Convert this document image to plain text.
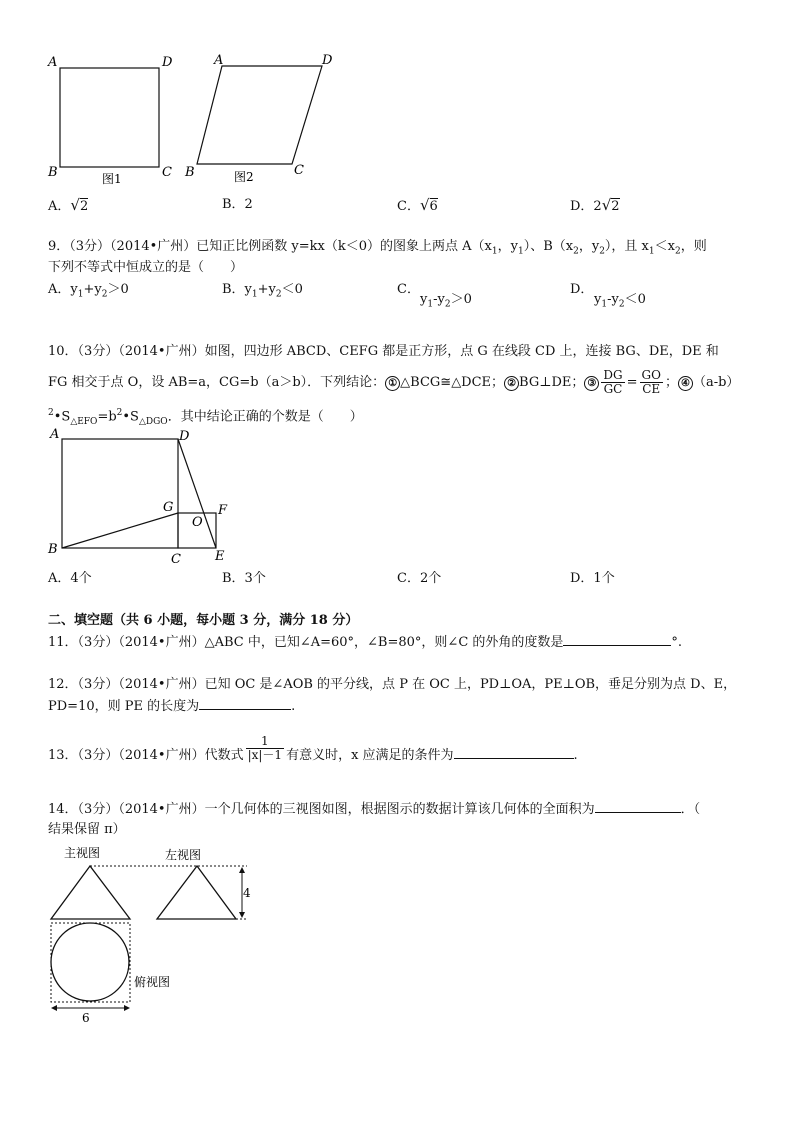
A	D
B	C
图1
A	D
B	C
图2
A．√2	B．2	C．√6	D．2√2
9．（3分）（2014•广州）已知正比例函数 y=kx（k＜0）的图象上两点 $A(x_1$，$y_1$）、$B(x_2$，$y_2$），且 $x_1<x_2$，则
下列不等式中恒成立的是（　　）
A．$y_1+y_2>0$	B．$y_1+y_2<0$	C．
$y_1-y_2>0$
D．
$y_1-y_2<0$
10．（3分）（2014•广州）如图，四边形 ABCD、CEFG 都是正方形，点 G 在线段 CD 上，连接 BG、DE，DE 和
FG 相交于点 O，设 AB=a，CG=b（a＞b）．下列结论： ① △BCG≅△DCE； ② BG⊥DE； ③ $\frac{DG}{GC} = \frac{GO}{CE}$ ； ④ （a-b）
$^2•S_{\triangle EFO}=b^2•S_{\triangle DGO}$．其中结论正确的个数是（　　）
A	D
G	F
O
B
C	E
A．4个	B．3个	C．2个	D．1个
二、填空题（共 6 小题，每小题 3 分，满分 18 分）
11．（3分）（2014•广州）△ABC 中，已知∠A=60°，∠B=80°，则∠C 的外角的度数是	°.
12．（3分）（2014•广州）已知 OC 是∠AOB 的平分线，点 P 在 OC 上，PD⊥OA，PE⊥OB，垂足分别为点 D、E，
PD=10，则 PE 的长度为	.
13．（3分）（2014•广州）代数式 $\frac{1}{|x|-1}$ 有意义时，x 应满足的条件为	.
14．（3分）（2014•广州）一个几何体的三视图如图，根据图示的数据计算该几何体的全面积为	．（
结果保留 π）
主视图	左视图
4
俯视图
6
